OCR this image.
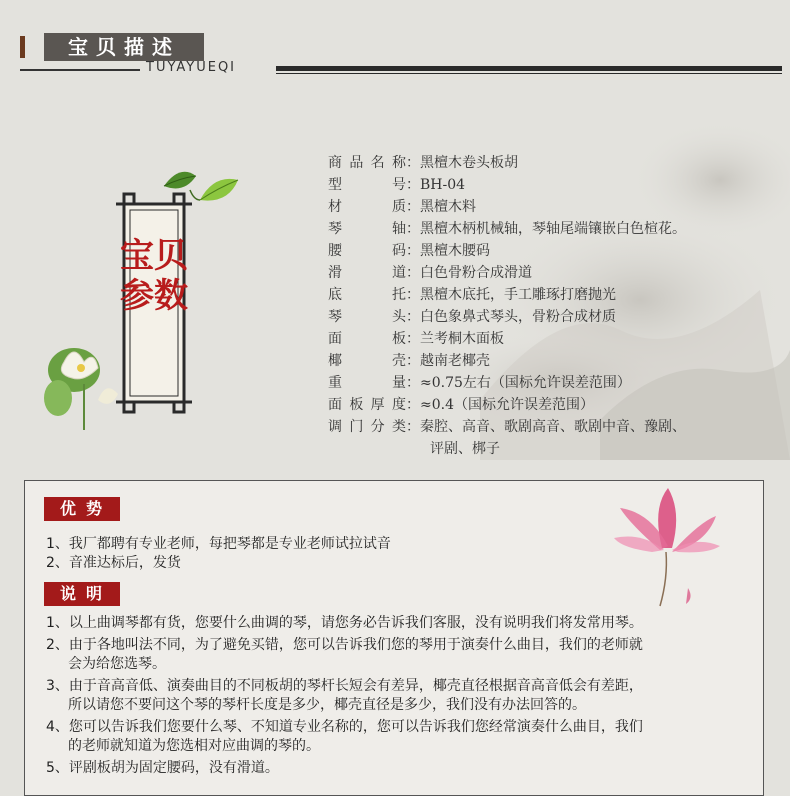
宝贝描述
TUYAYUEQI
宝贝
参数
商品名称：黑檀木卷头板胡
型号：BH-04
材质：黑檀木料
琴轴：黑檀木柄机械轴，琴轴尾端镶嵌白色楦花。
腰码：黑檀木腰码
滑道：白色骨粉合成滑道
底托：黑檀木底托，手工雕琢打磨抛光
琴头：白色象鼻式琴头，骨粉合成材质
面板：兰考桐木面板
椰壳：越南老椰壳
重量：≈0.75左右（国标允许误差范围）
面板厚度：≈0.4（国标允许误差范围）
调门分类：秦腔、高音、歌剧高音、歌剧中音、豫剧、
评剧、梆子
优势
1、我厂都聘有专业老师，每把琴都是专业老师试拉试音
2、音准达标后，发货
说明
1、以上曲调琴都有货，您要什么曲调的琴，请您务必告诉我们客服，没有说明我们将发常用琴。
2、由于各地叫法不同，为了避免买错，您可以告诉我们您的琴用于演奏什么曲目，我们的老师就
会为给您选琴。
3、由于音高音低、演奏曲目的不同板胡的琴杆长短会有差异，椰壳直径根据音高音低会有差距，
所以请您不要问这个琴的琴杆长度是多少，椰壳直径是多少，我们没有办法回答的。
4、您可以告诉我们您要什么琴、不知道专业名称的，您可以告诉我们您经常演奏什么曲目，我们
的老师就知道为您选相对应曲调的琴的。
5、评剧板胡为固定腰码，没有滑道。
